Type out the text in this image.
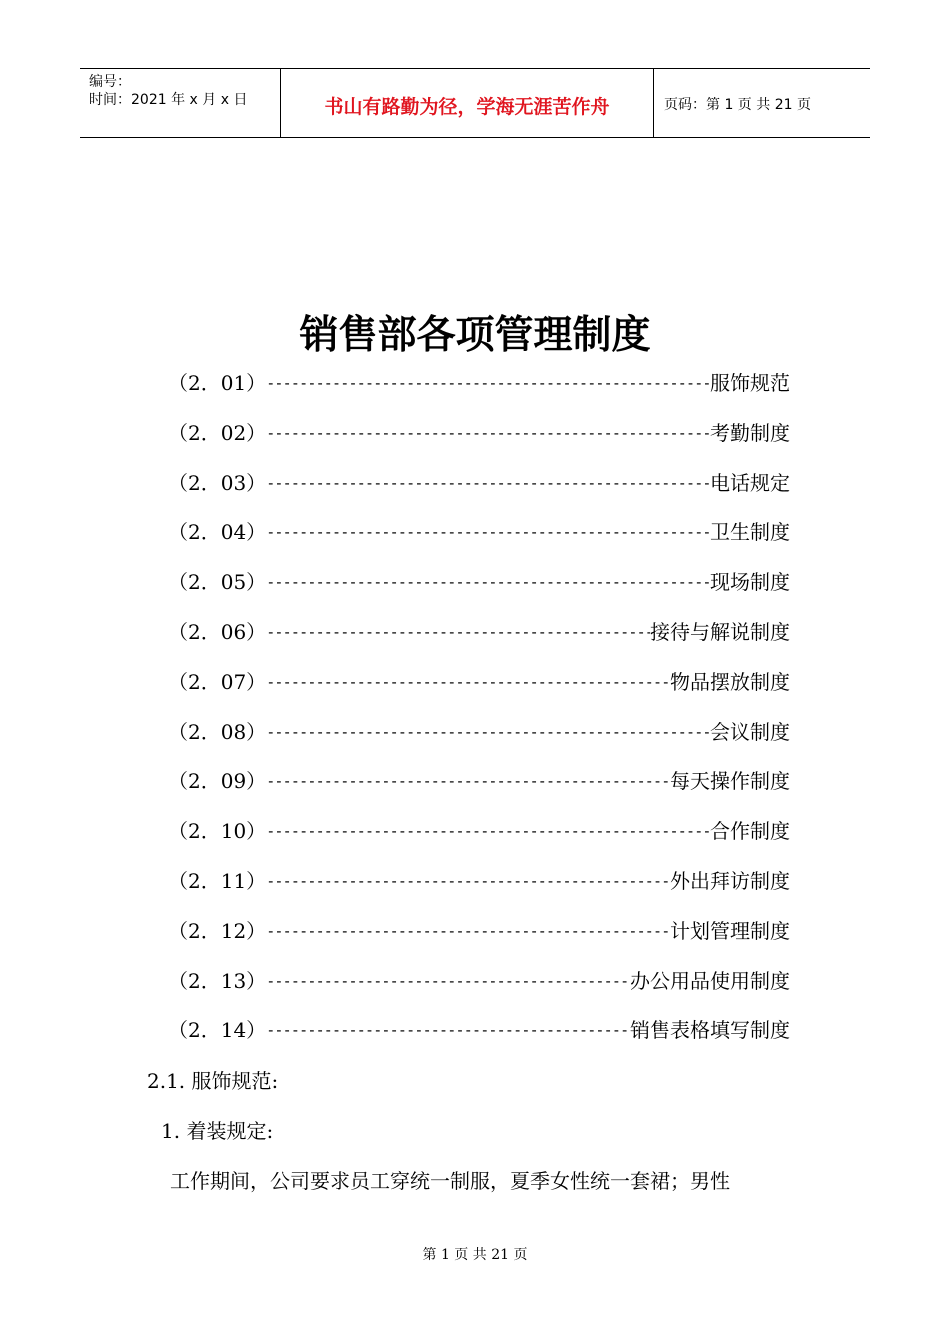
编号：
时间：2021 年 x 月 x 日	书山有路勤为径，学海无涯苦作舟	页码：第 1 页 共 21 页
销售部各项管理制度
（2．01） -----	服饰规范
（2．02） -----	考勤制度
（2．03） -----	电话规定
（2．04） -----	卫生制度
（2．05） -----	现场制度
（2．06） -----	接待与解说制度
（2．07） -----	物品摆放制度
（2．08） -----	会议制度
（2．09） -----	每天操作制度
（2．10） -----	合作制度
（2．11） -----	外出拜访制度
（2．12） -----	计划管理制度
（2．13） -----	办公用品使用制度
（2．14） -----	销售表格填写制度
2.1. 服饰规范:
1. 着装规定:
工作期间，公司要求员工穿统一制服，夏季女性统一套裙；男性
第 1 页 共 21 页
